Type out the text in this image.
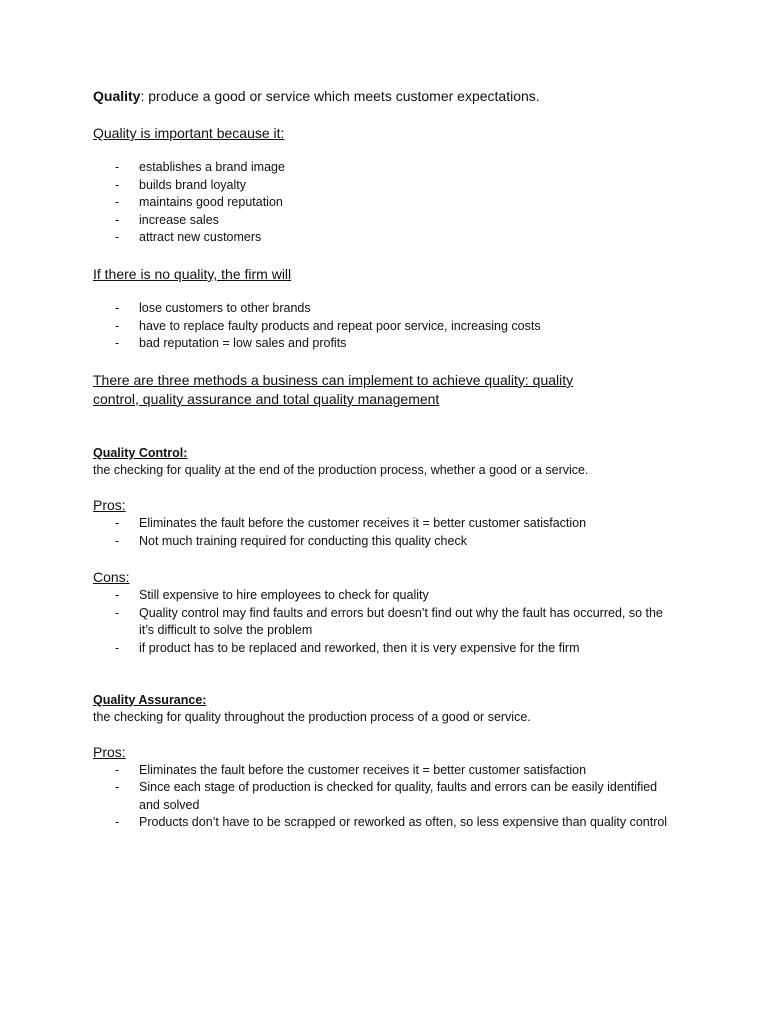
Quality: produce a good or service which meets customer expectations.

Quality is important because it:

- establishes a brand image
- builds brand loyalty
- maintains good reputation
- increase sales
- attract new customers

If there is no quality, the firm will

- lose customers to other brands
- have to replace faulty products and repeat poor service, increasing costs
- bad reputation = low sales and profits

There are three methods a business can implement to achieve quality: quality

control, quality assurance and total quality management

Quality Control:

the checking for quality at the end of the production process, whether a good or a service.

Pros:

- Eliminates the fault before the customer receives it = better customer satisfaction
- Not much training required for conducting this quality check

Cons:

- Still expensive to hire employees to check for quality
- Quality control may find faults and errors but doesn’t find out why the fault has occurred, so the it’s difficult to solve the problem
- if product has to be replaced and reworked, then it is very expensive for the firm

Quality Assurance:

the checking for quality throughout the production process of a good or service.

Pros:

- Eliminates the fault before the customer receives it = better customer satisfaction
- Since each stage of production is checked for quality, faults and errors can be easily identified and solved
- Products don’t have to be scrapped or reworked as often, so less expensive than quality control
